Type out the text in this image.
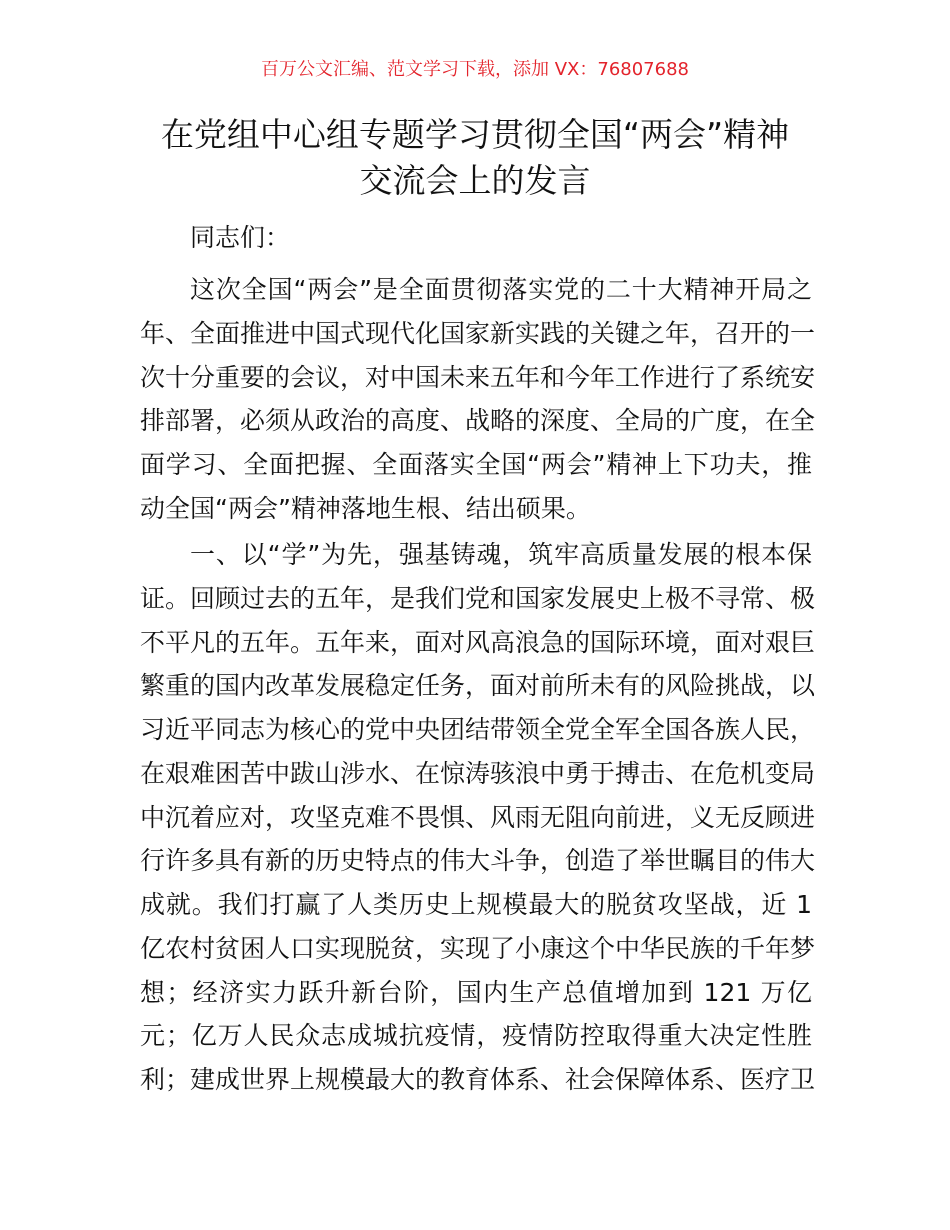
百万公文汇编、范文学习下载，添加 VX：76807688
在党组中心组专题学习贯彻全国“两会”精神
交流会上的发言
同志们：
这次全国“两会”是全面贯彻落实党的二十大精神开局之
年、全面推进中国式现代化国家新实践的关键之年，召开的一
次十分重要的会议，对中国未来五年和今年工作进行了系统安
排部署，必须从政治的高度、战略的深度、全局的广度，在全
面学习、全面把握、全面落实全国“两会”精神上下功夫，推
动全国“两会”精神落地生根、结出硕果。
一、以“学”为先，强基铸魂，筑牢高质量发展的根本保
证。回顾过去的五年，是我们党和国家发展史上极不寻常、极
不平凡的五年。五年来，面对风高浪急的国际环境，面对艰巨
繁重的国内改革发展稳定任务，面对前所未有的风险挑战，以
习近平同志为核心的党中央团结带领全党全军全国各族人民，
在艰难困苦中跋山涉水、在惊涛骇浪中勇于搏击、在危机变局
中沉着应对，攻坚克难不畏惧、风雨无阻向前进，义无反顾进
行许多具有新的历史特点的伟大斗争，创造了举世瞩目的伟大
成就。我们打赢了人类历史上规模最大的脱贫攻坚战，近 1
亿农村贫困人口实现脱贫，实现了小康这个中华民族的千年梦
想；经济实力跃升新台阶，国内生产总值增加到 121 万亿
元；亿万人民众志成城抗疫情，疫情防控取得重大决定性胜
利；建成世界上规模最大的教育体系、社会保障体系、医疗卫
